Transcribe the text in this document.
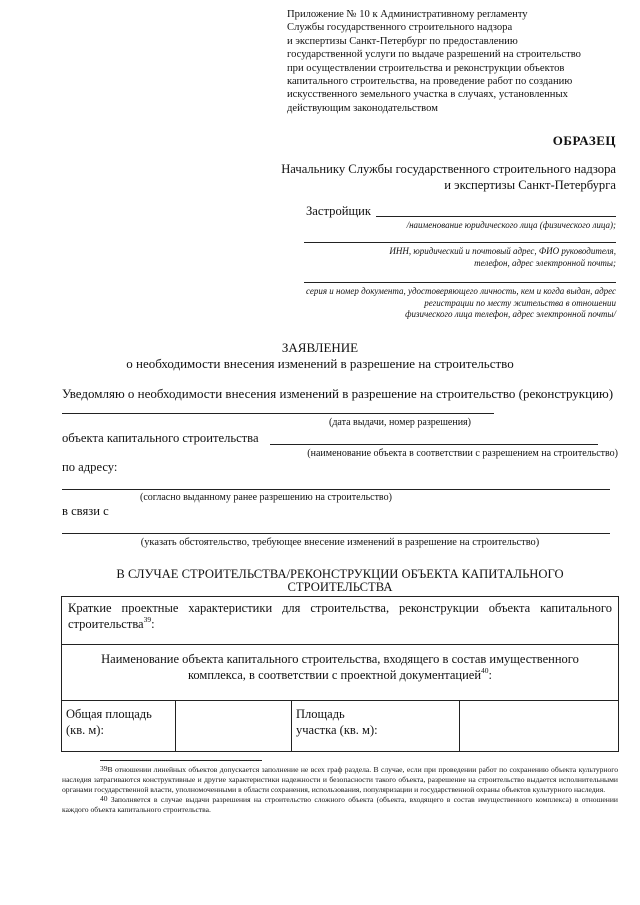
Приложение № 10 к Административному регламенту
Службы государственного строительного надзора
и экспертизы Санкт-Петербург по предоставлению
государственной услуги по выдаче разрешений на строительство
при осуществлении строительства и реконструкции объектов
капитального строительства, на проведение работ по созданию
искусственного земельного участка в случаях, установленных
действующим законодательством
ОБРАЗЕЦ
Начальнику Службы государственного строительного надзора
и экспертизы Санкт-Петербурга
Застройщик
/наименование юридического лица (физического лица);
ИНН, юридический и почтовый адрес, ФИО руководителя,
телефон, адрес электронной почты;
серия и номер документа, удостоверяющего личность, кем и когда выдан, адрес
регистрации по месту жительства в отношении
физического лица телефон, адрес электронной почты/
ЗАЯВЛЕНИЕ
о необходимости внесения изменений в разрешение на строительство
Уведомляю о необходимости внесения изменений в разрешение на строительство (реконструкцию)
(дата выдачи, номер разрешения)
объекта капитального строительства
(наименование объекта в соответствии с разрешением на строительство)
по адресу:
(согласно выданному ранее разрешению на строительство)
в связи с
(указать обстоятельство, требующее внесение изменений в разрешение на строительство)
В СЛУЧАЕ СТРОИТЕЛЬСТВА/РЕКОНСТРУКЦИИ ОБЪЕКТА КАПИТАЛЬНОГО
СТРОИТЕЛЬСТВА
Краткие проектные характеристики для строительства, реконструкции объекта капитального строительства$^{39}$:
Наименование объекта капитального строительства, входящего в состав имущественного
комплекса, в соответствии с проектной документацией$^{40}$:
Общая площадь
(кв. м):
Площадь
участка (кв. м):
$^{39}$В отношении линейных объектов допускается заполнение не всех граф раздела. В случае, если при проведении работ по сохранению объекта культурного наследия затрагиваются конструктивные и другие характеристики надежности и безопасности такого объекта, разрешение на строительство выдается исполнительными органами государственной власти, уполномоченными в области сохранения, использования, популяризации и государственной охраны объектов культурного наследия.
$^{40}$ Заполняется в случае выдачи разрешения на строительство сложного объекта (объекта, входящего в состав имущественного комплекса) в отношении каждого объекта капитального строительства.
